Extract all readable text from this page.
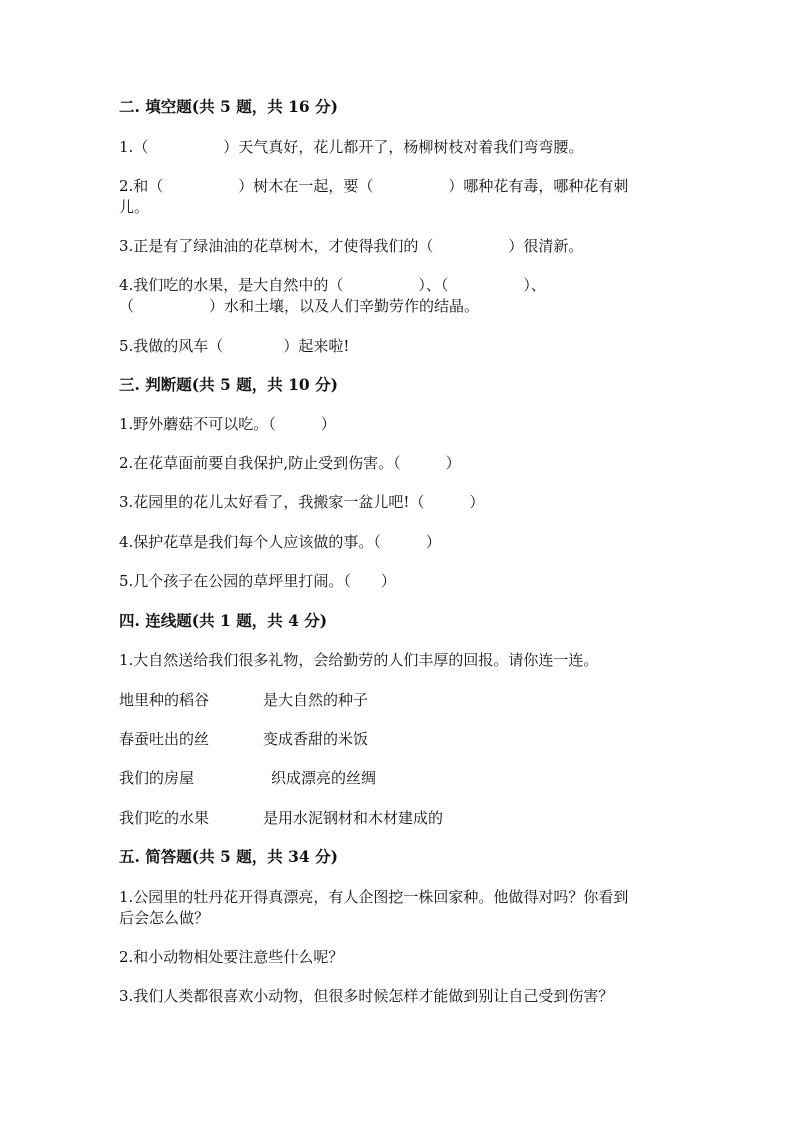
二. 填空题(共 5 题，共 16 分)
1.（　　　　　）天气真好，花儿都开了，杨柳树枝对着我们弯弯腰。
2.和（　　　　　）树木在一起，要（　　　　　）哪种花有毒，哪种花有刺
儿。
3.正是有了绿油油的花草树木，才使得我们的（　　　　　）很清新。
4.我们吃的水果，是大自然中的（　　　　　）、（　　　　　）、
（　　　　　）水和土壤，以及人们辛勤劳作的结晶。
5.我做的风车（　　　　）起来啦!
三. 判断题(共 5 题，共 10 分)
1.野外蘑菇不可以吃。（　　　）
2.在花草面前要自我保护,防止受到伤害。（　　　）
3.花园里的花儿太好看了，我搬家一盆儿吧!（　　　）
4.保护花草是我们每个人应该做的事。（　　　）
5.几个孩子在公园的草坪里打闹。（　　）
四. 连线题(共 1 题，共 4 分)
1.大自然送给我们很多礼物，会给勤劳的人们丰厚的回报。请你连一连。
地里种的稻谷	是大自然的种子
春蚕吐出的丝	变成香甜的米饭
我们的房屋	织成漂亮的丝绸
我们吃的水果	是用水泥钢材和木材建成的
五. 简答题(共 5 题，共 34 分)
1.公园里的牡丹花开得真漂亮，有人企图挖一株回家种。他做得对吗？你看到
后会怎么做？
2.和小动物相处要注意些什么呢？
3.我们人类都很喜欢小动物，但很多时候怎样才能做到别让自己受到伤害？
